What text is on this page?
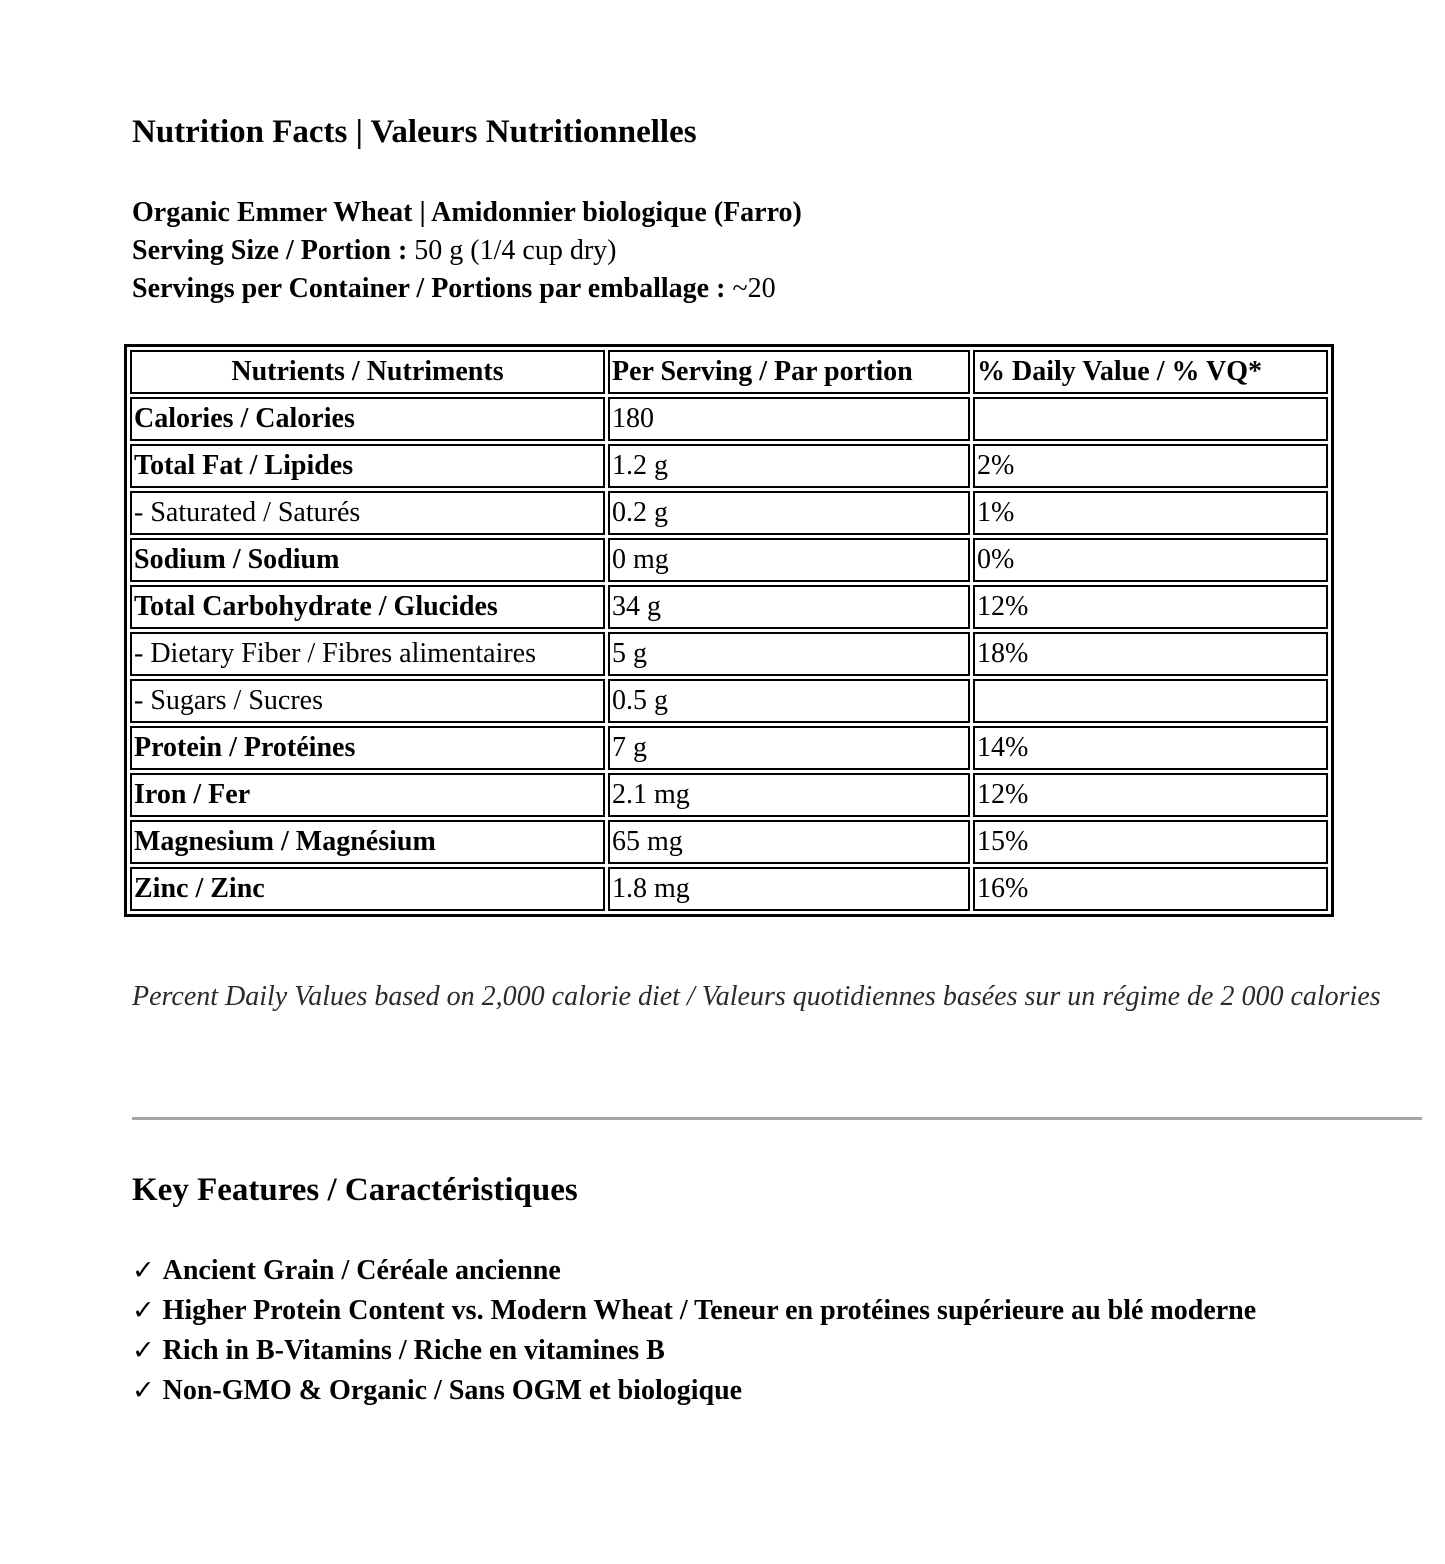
Nutrition Facts | Valeurs Nutritionnelles
Organic Emmer Wheat | Amidonnier biologique (Farro)
Serving Size / Portion : 50 g (1/4 cup dry)
Servings per Container / Portions par emballage : ~20
Nutrients / Nutriments	Per Serving / Par portion	% Daily Value / % VQ*
Calories / Calories	180	
Total Fat / Lipides	1.2 g	2%
- Saturated / Saturés	0.2 g	1%
Sodium / Sodium	0 mg	0%
Total Carbohydrate / Glucides	34 g	12%
- Dietary Fiber / Fibres alimentaires	5 g	18%
- Sugars / Sucres	0.5 g	
Protein / Protéines	7 g	14%
Iron / Fer	2.1 mg	12%
Magnesium / Magnésium	65 mg	15%
Zinc / Zinc	1.8 mg	16%
Percent Daily Values based on 2,000 calorie diet / Valeurs quotidiennes basées sur un régime de 2 000 calories
Key Features / Caractéristiques
✓ Ancient Grain / Céréale ancienne
✓ Higher Protein Content vs. Modern Wheat / Teneur en protéines supérieure au blé moderne
✓ Rich in B-Vitamins / Riche en vitamines B
✓ Non-GMO & Organic / Sans OGM et biologique
